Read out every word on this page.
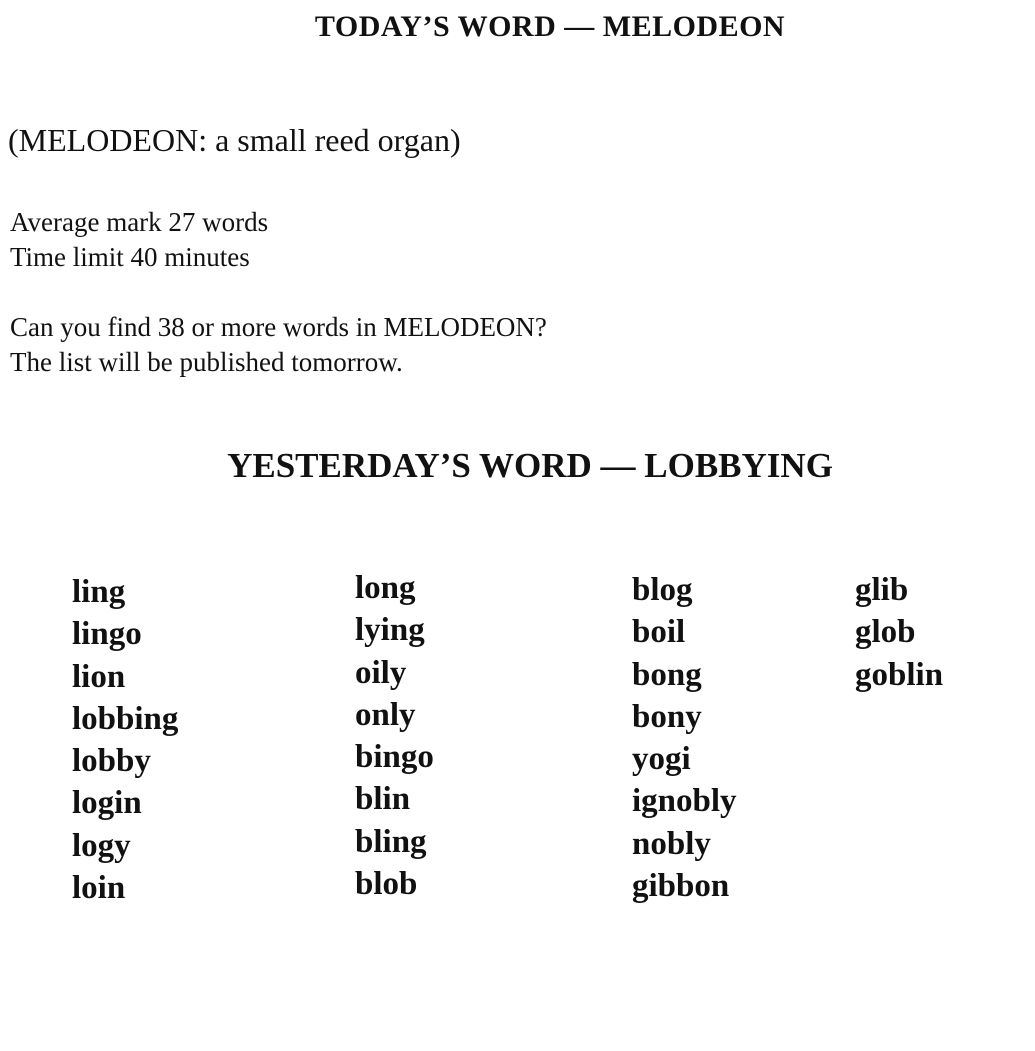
TODAY’S WORD — MELODEON

(MELODEON: a small reed organ)

Average mark 27 words
Time limit 40 minutes
Can you find 38 or more words in MELODEON?
The list will be published tomorrow.
YESTERDAY’S WORD — LOBBYING
ling
lingo
lion
lobbing
lobby
login
logy
loin
long
lying
oily
only
bingo
blin
bling
blob
blog
boil
bong
bony
yogi
ignobly
nobly
gibbon
glib
glob
goblin
